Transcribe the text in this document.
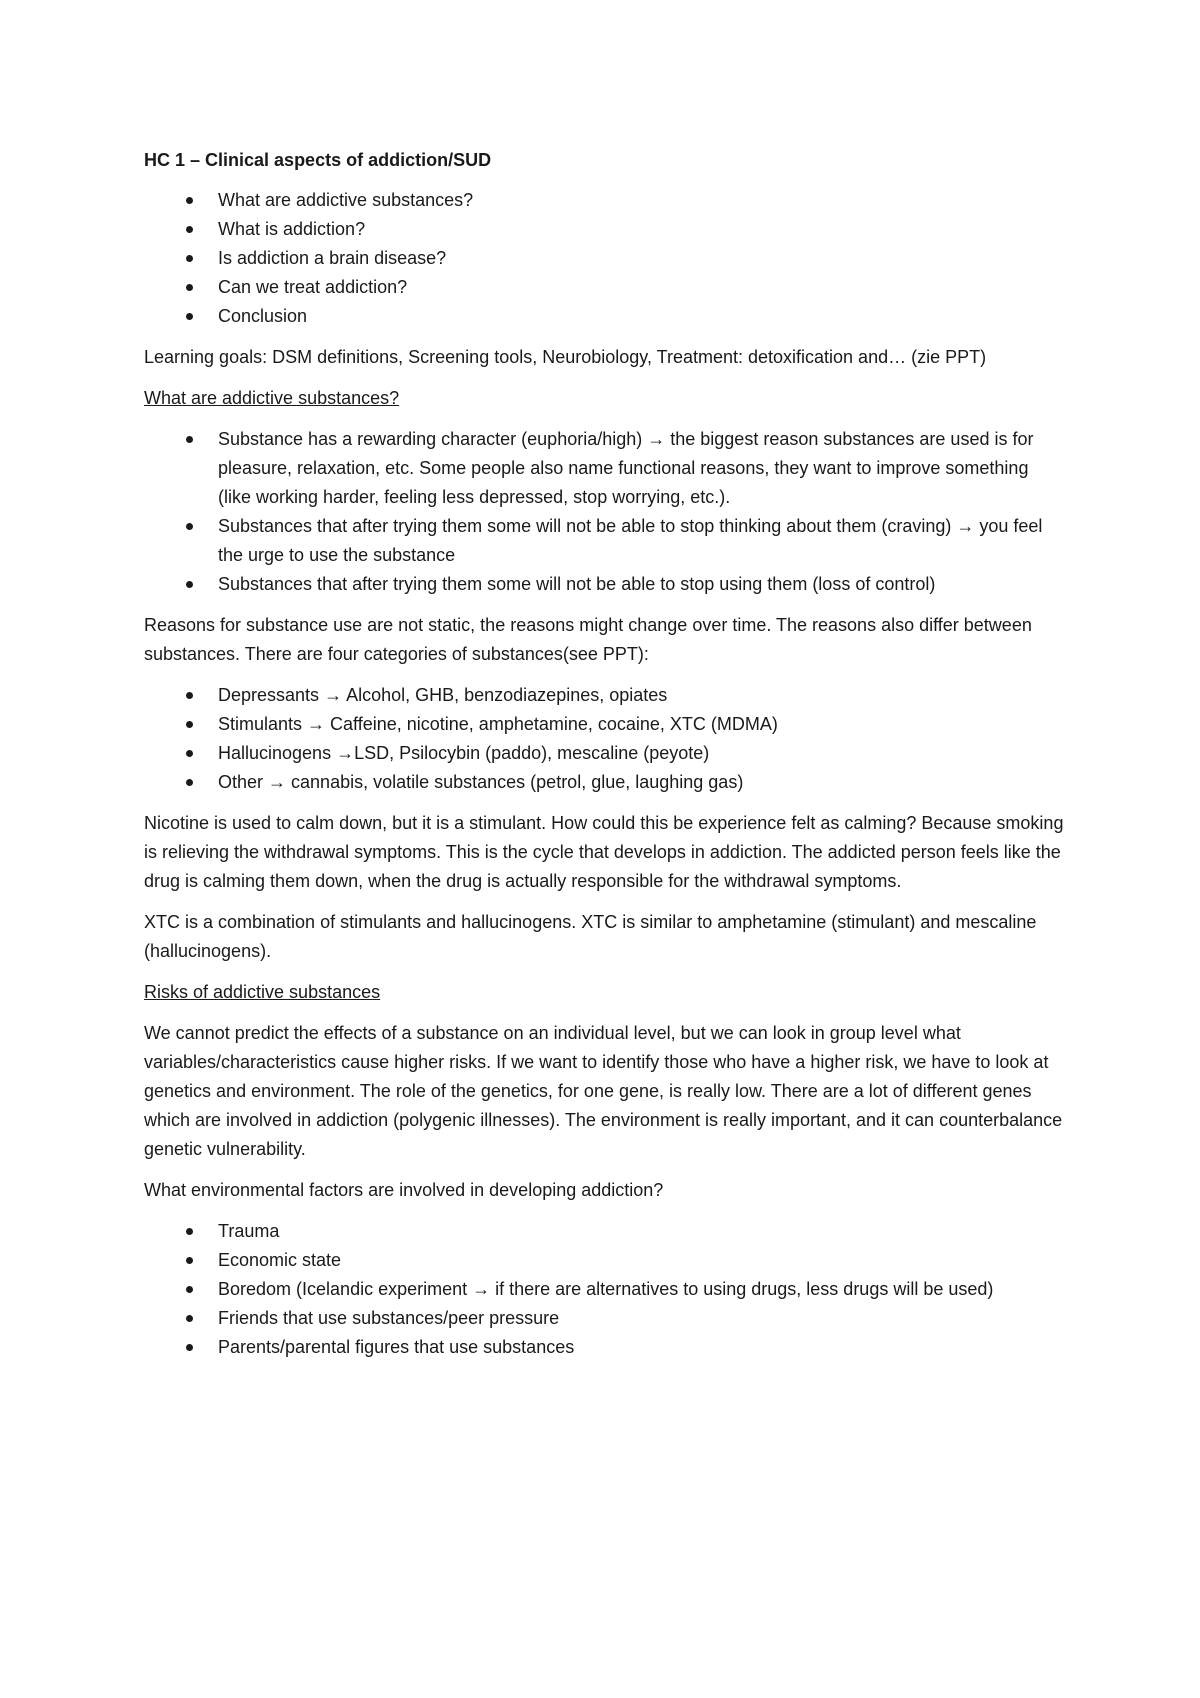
HC 1 – Clinical aspects of addiction/SUD
What are addictive substances?
What is addiction?
Is addiction a brain disease?
Can we treat addiction?
Conclusion

Learning goals: DSM definitions, Screening tools, Neurobiology, Treatment: detoxification and… (zie PPT)

What are addictive substances?
Substance has a rewarding character (euphoria/high) → the biggest reason substances are used is for pleasure, relaxation, etc. Some people also name functional reasons, they want to improve something (like working harder, feeling less depressed, stop worrying, etc.).
Substances that after trying them some will not be able to stop thinking about them (craving) → you feel the urge to use the substance
Substances that after trying them some will not be able to stop using them (loss of control)

Reasons for substance use are not static, the reasons might change over time. The reasons also differ between substances. There are four categories of substances(see PPT):

Depressants → Alcohol, GHB, benzodiazepines, opiates
Stimulants → Caffeine, nicotine, amphetamine, cocaine, XTC (MDMA)
Hallucinogens →LSD, Psilocybin (paddo), mescaline (peyote)
Other → cannabis, volatile substances (petrol, glue, laughing gas)

Nicotine is used to calm down, but it is a stimulant. How could this be experience felt as calming? Because smoking is relieving the withdrawal symptoms. This is the cycle that develops in addiction. The addicted person feels like the drug is calming them down, when the drug is actually responsible for the withdrawal symptoms.

XTC is a combination of stimulants and hallucinogens. XTC is similar to amphetamine (stimulant) and mescaline (hallucinogens).

Risks of addictive substances

We cannot predict the effects of a substance on an individual level, but we can look in group level what variables/characteristics cause higher risks. If we want to identify those who have a higher risk, we have to look at genetics and environment. The role of the genetics, for one gene, is really low. There are a lot of different genes which are involved in addiction (polygenic illnesses). The environment is really important, and it can counterbalance genetic vulnerability.

What environmental factors are involved in developing addiction?

Trauma
Economic state
Boredom (Icelandic experiment → if there are alternatives to using drugs, less drugs will be used)
Friends that use substances/peer pressure
Parents/parental figures that use substances
